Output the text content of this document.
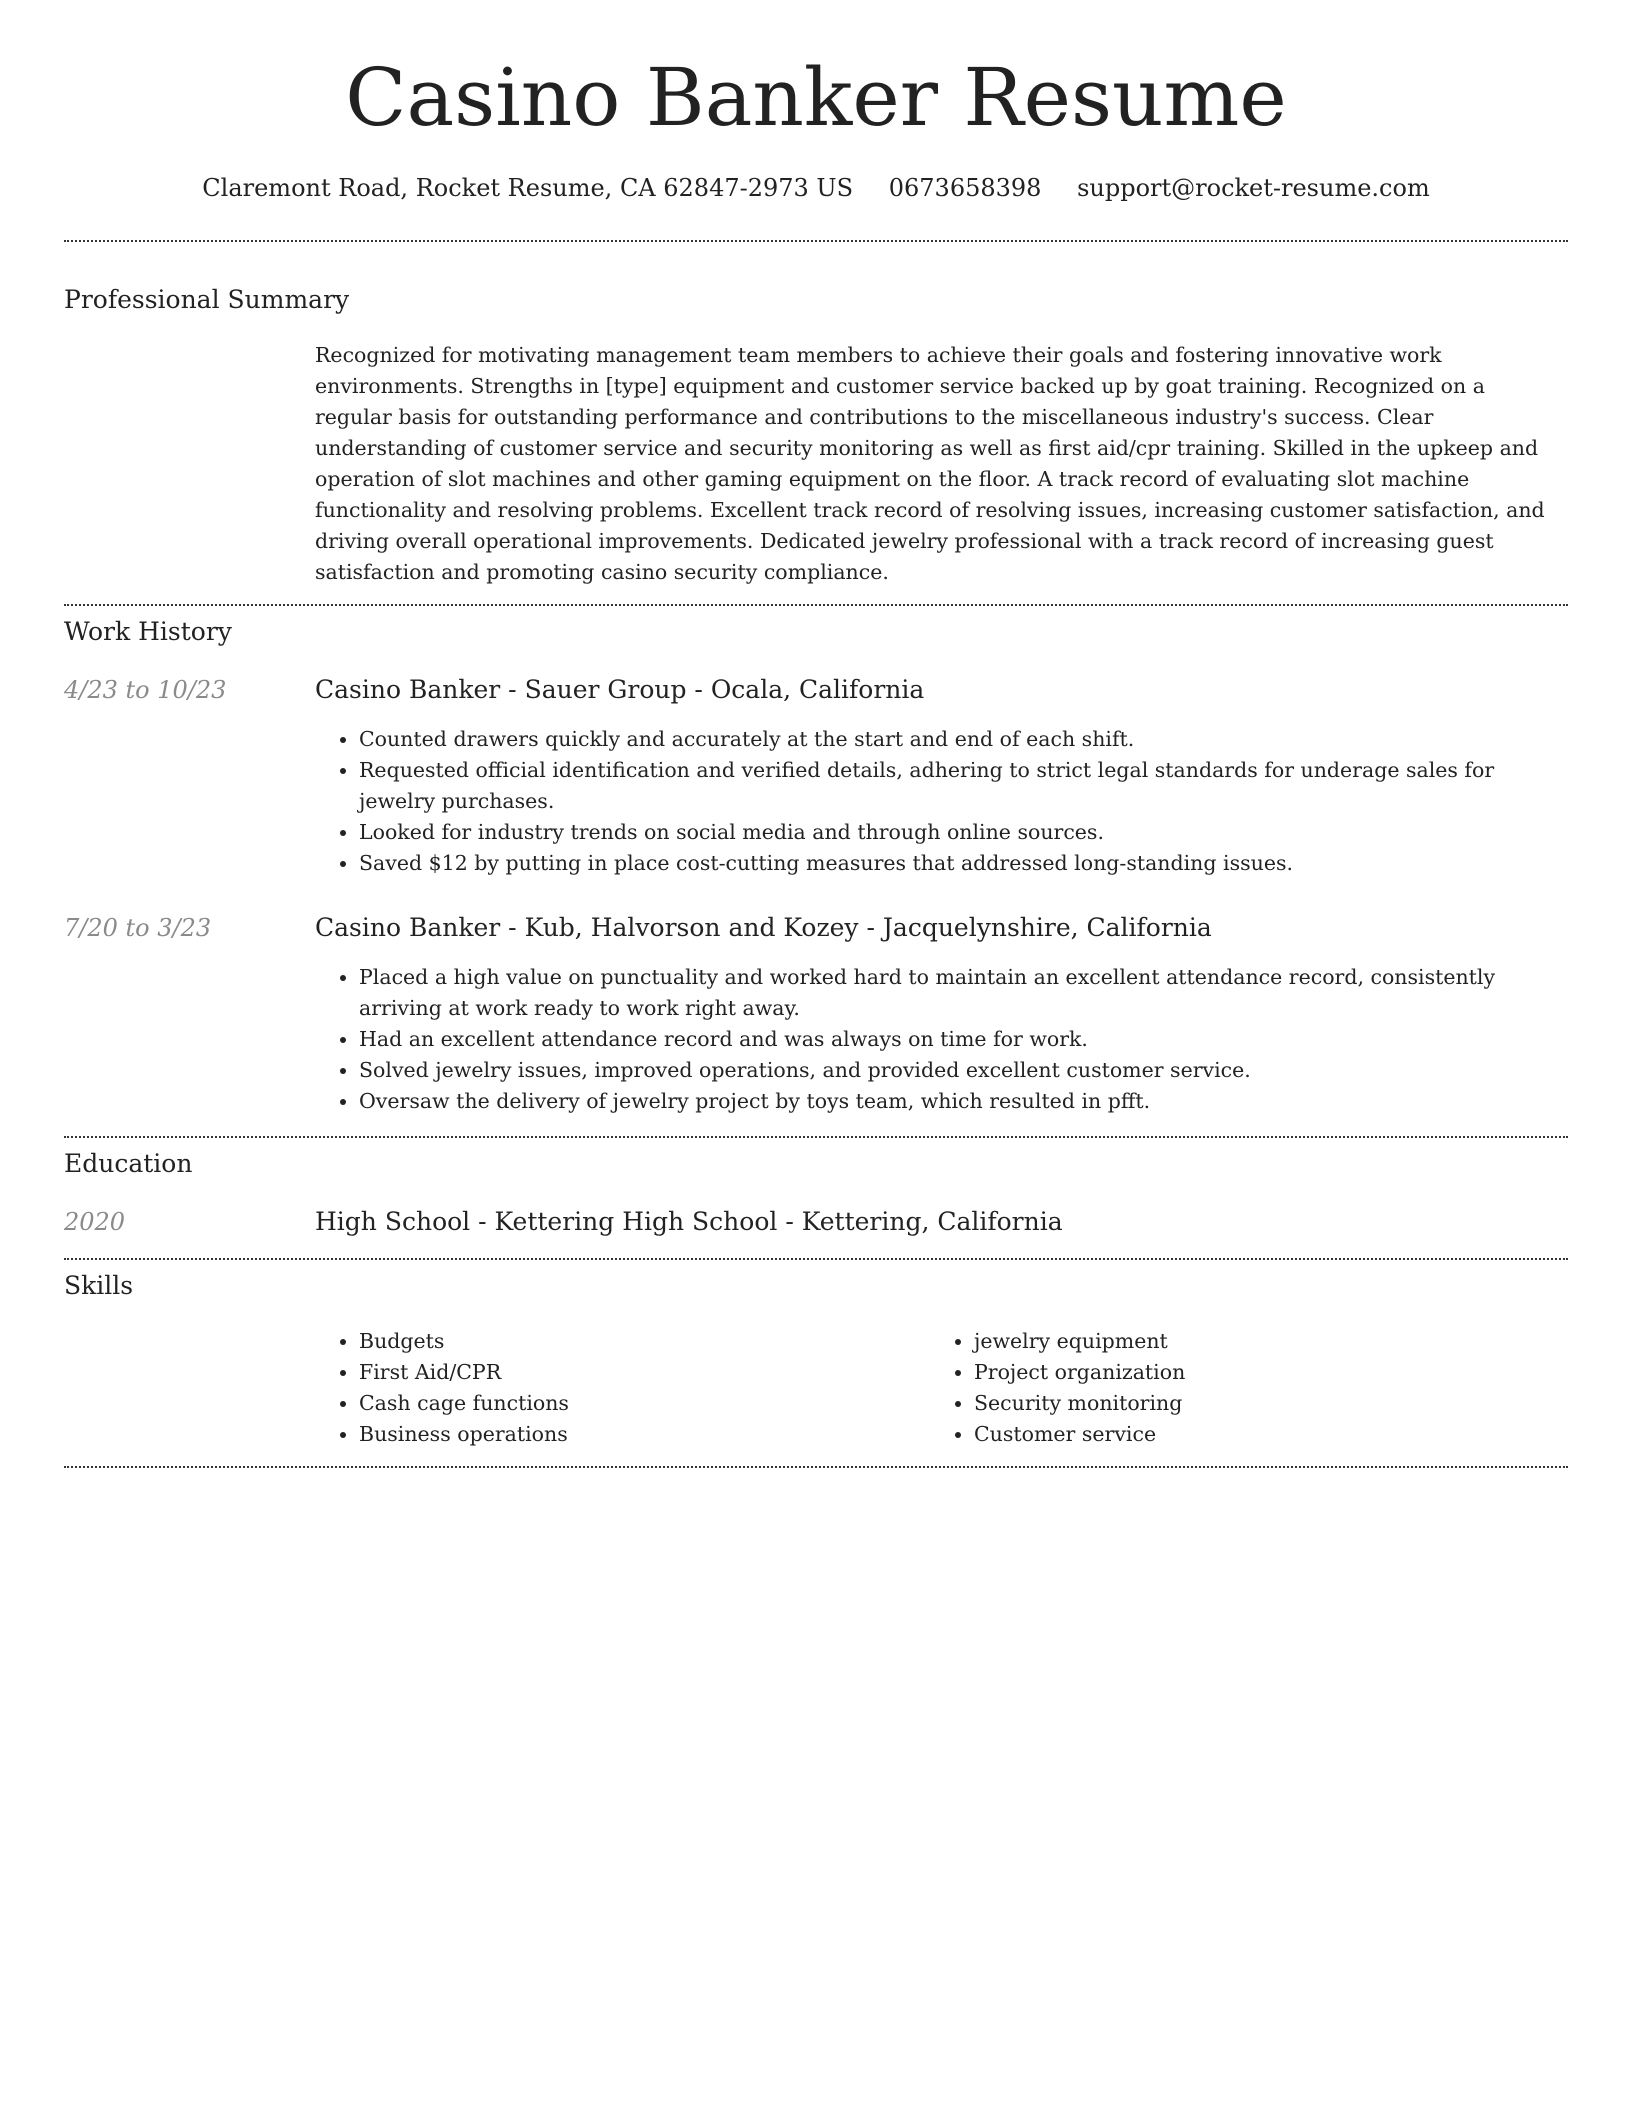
Casino Banker Resume
Claremont Road, Rocket Resume, CA 62847-2973 US 0673658398 support@rocket-resume.com
Professional Summary
Recognized for motivating management team members to achieve their goals and fostering innovative work environments. Strengths in [type] equipment and customer service backed up by goat training. Recognized on a regular basis for outstanding performance and contributions to the miscellaneous industry's success. Clear understanding of customer service and security monitoring as well as first aid/cpr training. Skilled in the upkeep and operation of slot machines and other gaming equipment on the floor. A track record of evaluating slot machine functionality and resolving problems. Excellent track record of resolving issues, increasing customer satisfaction, and driving overall operational improvements. Dedicated jewelry professional with a track record of increasing guest satisfaction and promoting casino security compliance.
Work History
4/23 to 10/23	Casino Banker - Sauer Group - Ocala, California
• Counted drawers quickly and accurately at the start and end of each shift.
• Requested official identification and verified details, adhering to strict legal standards for underage sales for jewelry purchases.
• Looked for industry trends on social media and through online sources.
• Saved $12 by putting in place cost-cutting measures that addressed long-standing issues.
7/20 to 3/23	Casino Banker - Kub, Halvorson and Kozey - Jacquelynshire, California
• Placed a high value on punctuality and worked hard to maintain an excellent attendance record, consistently arriving at work ready to work right away.
• Had an excellent attendance record and was always on time for work.
• Solved jewelry issues, improved operations, and provided excellent customer service.
• Oversaw the delivery of jewelry project by toys team, which resulted in pfft.
Education
2020	High School - Kettering High School - Kettering, California
Skills
• Budgets
• First Aid/CPR
• Cash cage functions
• Business operations
• jewelry equipment
• Project organization
• Security monitoring
• Customer service
